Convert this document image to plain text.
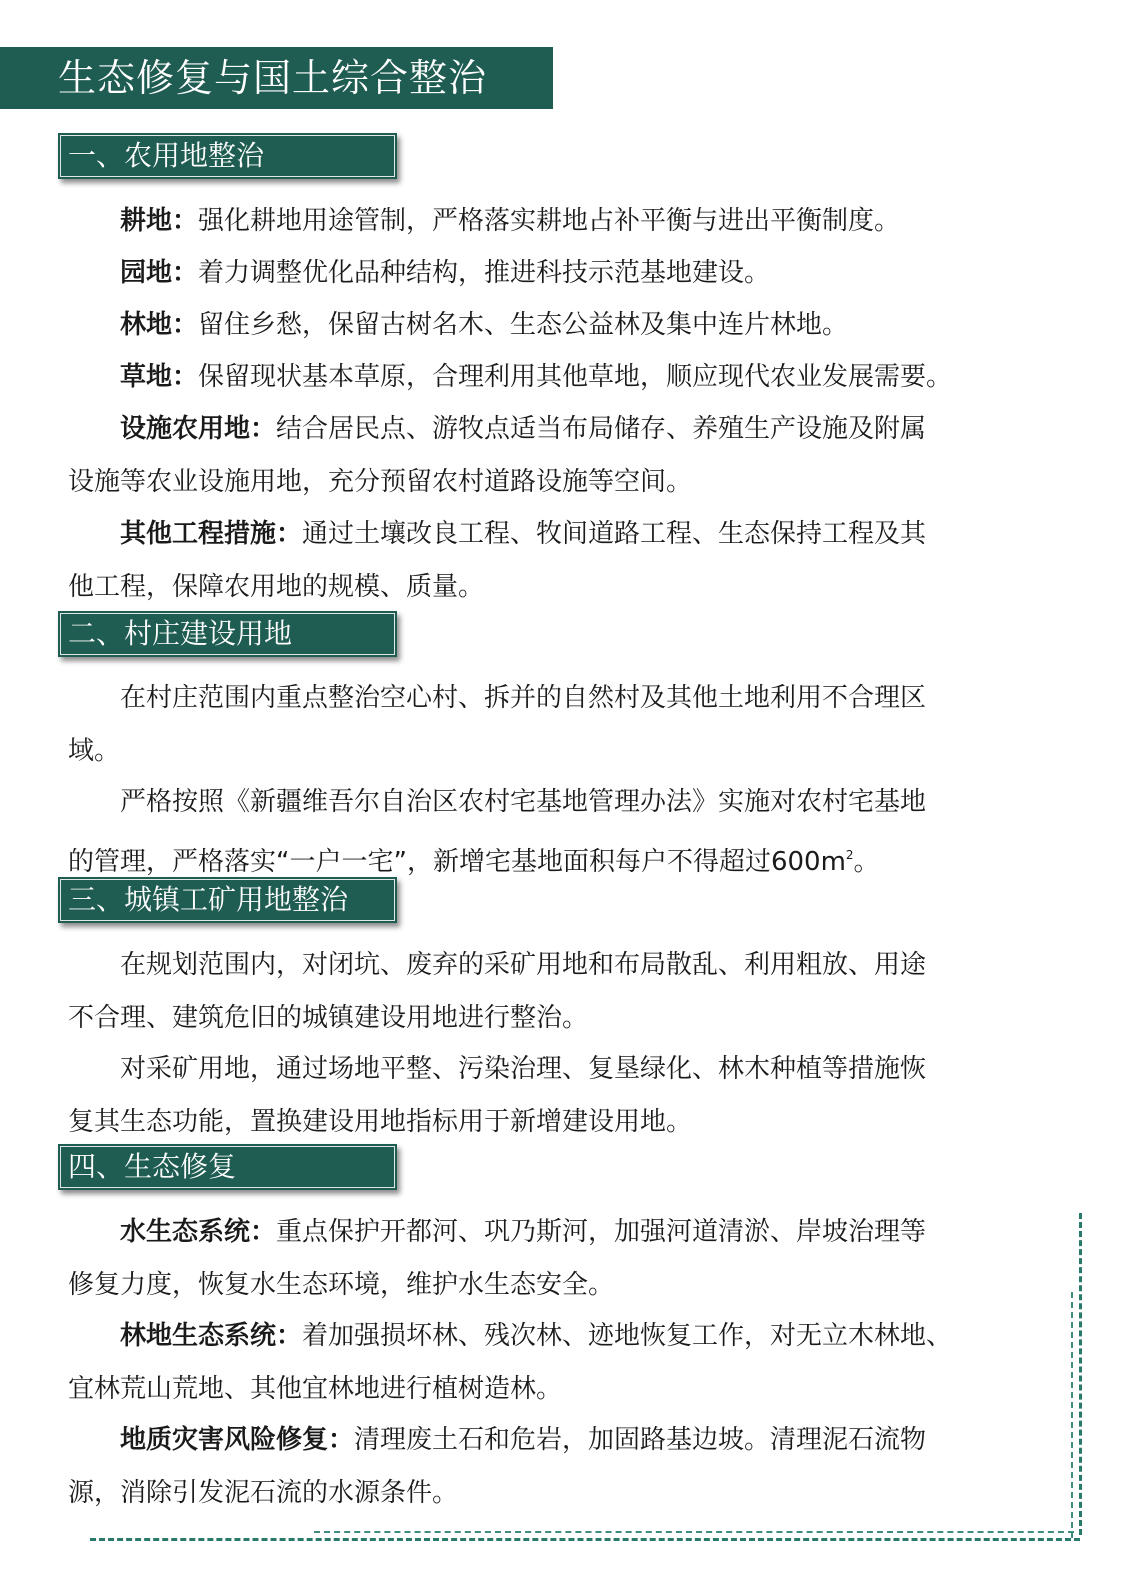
生态修复与国土综合整治
一、农用地整治

耕地：强化耕地用途管制，严格落实耕地占补平衡与进出平衡制度。

园地：着力调整优化品种结构，推进科技示范基地建设。

林地：留住乡愁，保留古树名木、生态公益林及集中连片林地。

草地：保留现状基本草原，合理利用其他草地，顺应现代农业发展需要。

设施农用地：结合居民点、游牧点适当布局储存、养殖生产设施及附属
设施等农业设施用地，充分预留农村道路设施等空间。

其他工程措施：通过土壤改良工程、牧间道路工程、生态保持工程及其
他工程，保障农用地的规模、质量。

二、村庄建设用地

在村庄范围内重点整治空心村、拆并的自然村及其他土地利用不合理区
域。

严格按照《新疆维吾尔自治区农村宅基地管理办法》实施对农村宅基地
的管理，严格落实“一户一宅”，新增宅基地面积每户不得超过$600m^2$。

三、城镇工矿用地整治

在规划范围内，对闭坑、废弃的采矿用地和布局散乱、利用粗放、用途
不合理、建筑危旧的城镇建设用地进行整治。

对采矿用地，通过场地平整、污染治理、复垦绿化、林木种植等措施恢
复其生态功能，置换建设用地指标用于新增建设用地。

四、生态修复

水生态系统：重点保护开都河、巩乃斯河，加强河道清淤、岸坡治理等
修复力度，恢复水生态环境，维护水生态安全。

林地生态系统：着加强损坏林、残次林、迹地恢复工作，对无立木林地、
宜林荒山荒地、其他宜林地进行植树造林。

地质灾害风险修复：清理废土石和危岩，加固路基边坡。清理泥石流物
源，消除引发泥石流的水源条件。
